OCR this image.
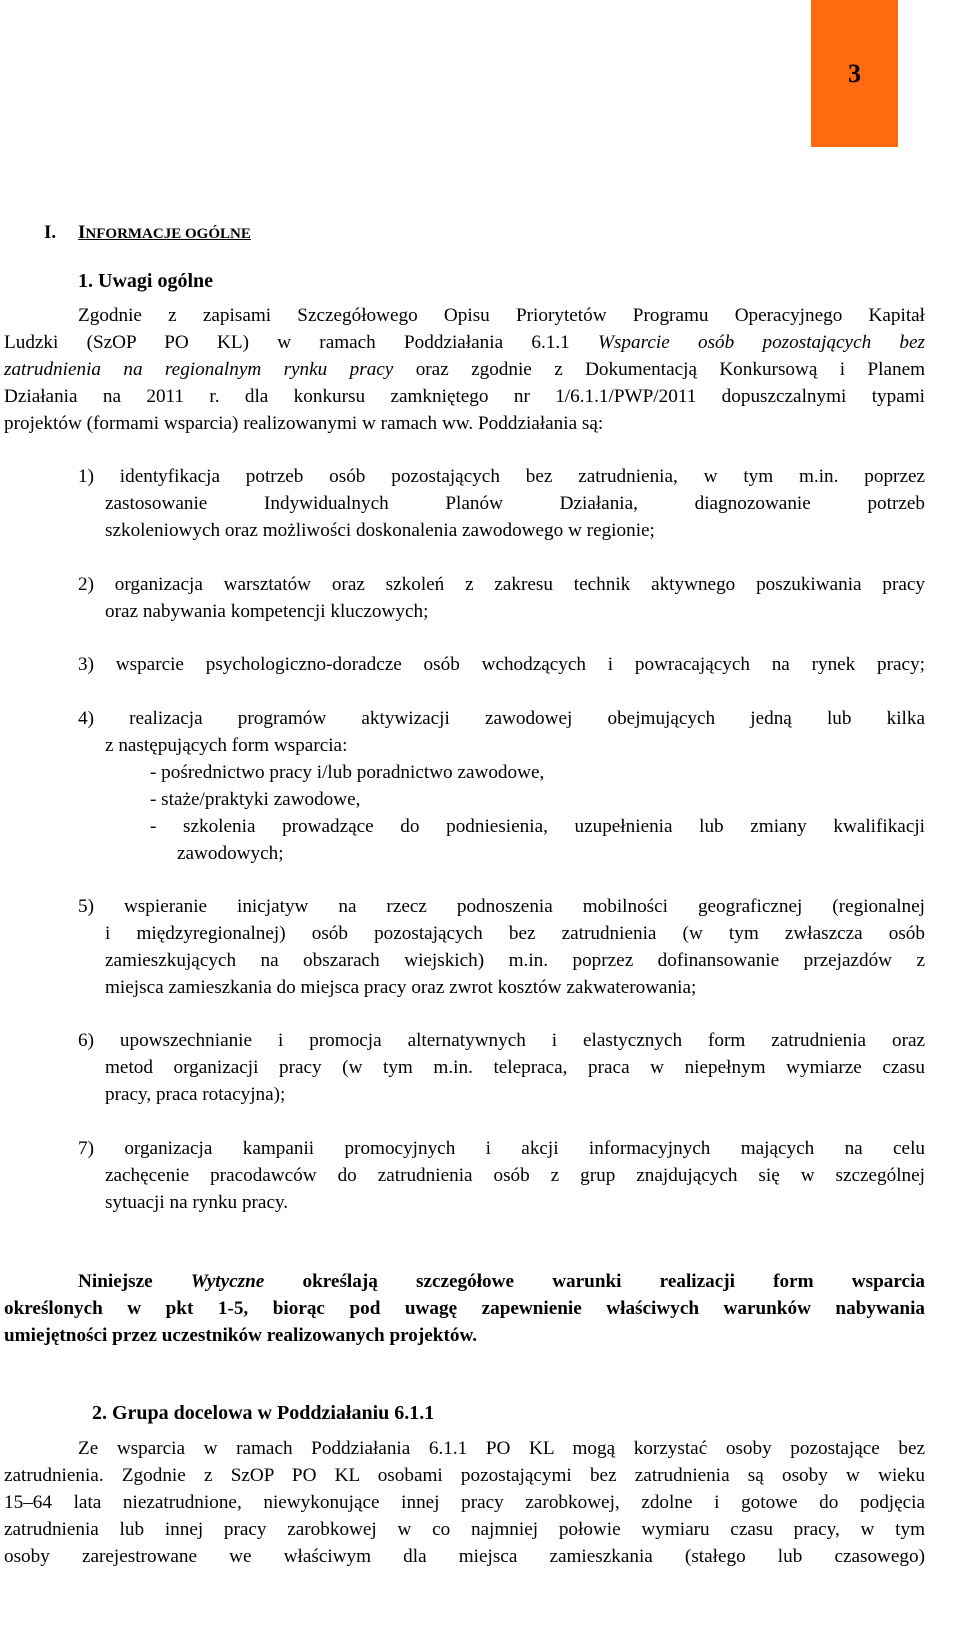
3
I. INFORMACJE OGÓLNE
1. Uwagi ogólne
Zgodnie z zapisami Szczegółowego Opisu Priorytetów Programu Operacyjnego Kapitał
Ludzki (SzOP PO KL) w ramach Poddziałania 6.1.1 Wsparcie osób pozostających bez
zatrudnienia na regionalnym rynku pracy oraz zgodnie z Dokumentacją Konkursową i Planem
Działania na 2011 r. dla konkursu zamkniętego nr 1/6.1.1/PWP/2011 dopuszczalnymi typami
projektów (formami wsparcia) realizowanymi w ramach ww. Poddziałania są:
1) identyfikacja potrzeb osób pozostających bez zatrudnienia, w tym m.in. poprzez
zastosowanie Indywidualnych Planów Działania, diagnozowanie potrzeb
szkoleniowych oraz możliwości doskonalenia zawodowego w regionie;
2) organizacja warsztatów oraz szkoleń z zakresu technik aktywnego poszukiwania pracy
oraz nabywania kompetencji kluczowych;
3) wsparcie psychologiczno-doradcze osób wchodzących i powracających na rynek pracy;
4) realizacja programów aktywizacji zawodowej obejmujących jedną lub kilka
z następujących form wsparcia:
- pośrednictwo pracy i/lub poradnictwo zawodowe,
- staże/praktyki zawodowe,
- szkolenia prowadzące do podniesienia, uzupełnienia lub zmiany kwalifikacji
zawodowych;
5) wspieranie inicjatyw na rzecz podnoszenia mobilności geograficznej (regionalnej
i międzyregionalnej) osób pozostających bez zatrudnienia (w tym zwłaszcza osób
zamieszkujących na obszarach wiejskich) m.in. poprzez dofinansowanie przejazdów z
miejsca zamieszkania do miejsca pracy oraz zwrot kosztów zakwaterowania;
6) upowszechnianie i promocja alternatywnych i elastycznych form zatrudnienia oraz
metod organizacji pracy (w tym m.in. telepraca, praca w niepełnym wymiarze czasu
pracy, praca rotacyjna);
7) organizacja kampanii promocyjnych i akcji informacyjnych mających na celu
zachęcenie pracodawców do zatrudnienia osób z grup znajdujących się w szczególnej
sytuacji na rynku pracy.
Niniejsze Wytyczne określają szczegółowe warunki realizacji form wsparcia
określonych w pkt 1-5, biorąc pod uwagę zapewnienie właściwych warunków nabywania
umiejętności przez uczestników realizowanych projektów.
2. Grupa docelowa w Poddziałaniu 6.1.1
Ze wsparcia w ramach Poddziałania 6.1.1 PO KL mogą korzystać osoby pozostające bez
zatrudnienia. Zgodnie z SzOP PO KL osobami pozostającymi bez zatrudnienia są osoby w wieku
15–64 lata niezatrudnione, niewykonujące innej pracy zarobkowej, zdolne i gotowe do podjęcia
zatrudnienia lub innej pracy zarobkowej w co najmniej połowie wymiaru czasu pracy, w tym
osoby zarejestrowane we właściwym dla miejsca zamieszkania (stałego lub czasowego)
